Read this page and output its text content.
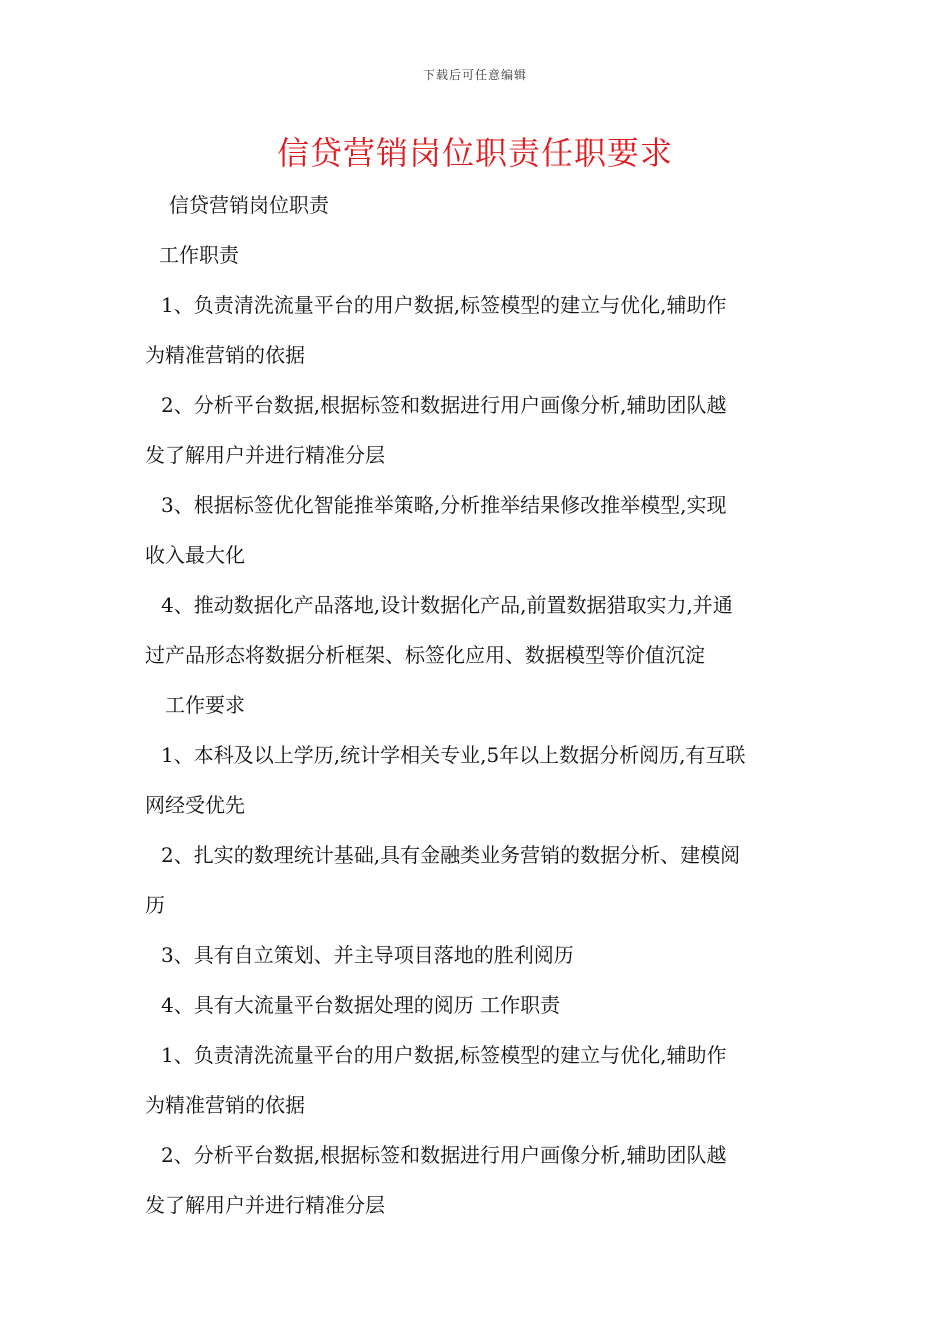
下载后可任意编辑
信贷营销岗位职责任职要求
信贷营销岗位职责
工作职责
1、负责清洗流量平台的用户数据,标签模型的建立与优化,辅助作
为精准营销的依据
2、分析平台数据,根据标签和数据进行用户画像分析,辅助团队越
发了解用户并进行精准分层
3、根据标签优化智能推举策略,分析推举结果修改推举模型,实现
收入最大化
4、推动数据化产品落地,设计数据化产品,前置数据猎取实力,并通
过产品形态将数据分析框架、标签化应用、数据模型等价值沉淀
工作要求
1、本科及以上学历,统计学相关专业,5年以上数据分析阅历,有互联
网经受优先
2、扎实的数理统计基础,具有金融类业务营销的数据分析、建模阅
历
3、具有自立策划、并主导项目落地的胜利阅历
4、具有大流量平台数据处理的阅历 工作职责
1、负责清洗流量平台的用户数据,标签模型的建立与优化,辅助作
为精准营销的依据
2、分析平台数据,根据标签和数据进行用户画像分析,辅助团队越
发了解用户并进行精准分层
